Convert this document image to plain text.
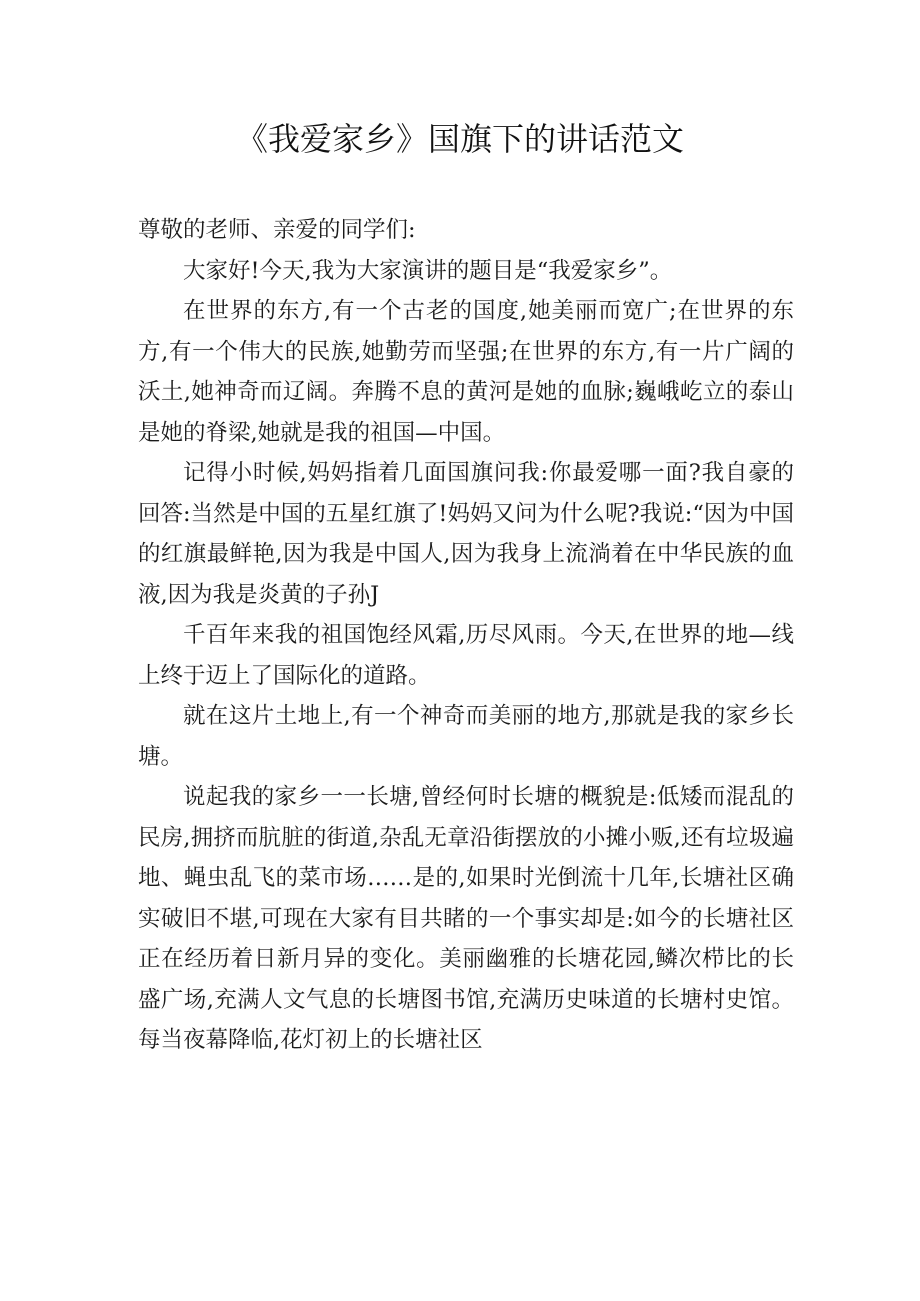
《我爱家乡》国旗下的讲话范文

尊敬的老师、亲爱的同学们:

大家好!今天,我为大家演讲的题目是“我爱家乡”。

在世界的东方,有一个古老的国度,她美丽而宽广;在世界的东方,有一个伟大的民族,她勤劳而坚强;在世界的东方,有一片广阔的沃土,她神奇而辽阔。奔腾不息的黄河是她的血脉;巍峨屹立的泰山是她的脊梁,她就是我的祖国—中国。

记得小时候,妈妈指着几面国旗问我:你最爱哪一面?我自豪的回答:当然是中国的五星红旗了!妈妈又问为什么呢?我说:“因为中国的红旗最鲜艳,因为我是中国人,因为我身上流淌着在中华民族的血液,因为我是炎黄的子孙J

千百年来我的祖国饱经风霜,历尽风雨。今天,在世界的地—线上终于迈上了国际化的道路。

就在这片土地上,有一个神奇而美丽的地方,那就是我的家乡长塘。

说起我的家乡一一长塘,曾经何时长塘的概貌是:低矮而混乱的民房,拥挤而肮脏的街道,杂乱无章沿街摆放的小摊小贩,还有垃圾遍地、蝇虫乱飞的菜市场……是的,如果时光倒流十几年,长塘社区确实破旧不堪,可现在大家有目共睹的一个事实却是:如今的长塘社区正在经历着日新月异的变化。美丽幽雅的长塘花园,鳞次栉比的长盛广场,充满人文气息的长塘图书馆,充满历史味道的长塘村史馆。每当夜幕降临,花灯初上的长塘社区
